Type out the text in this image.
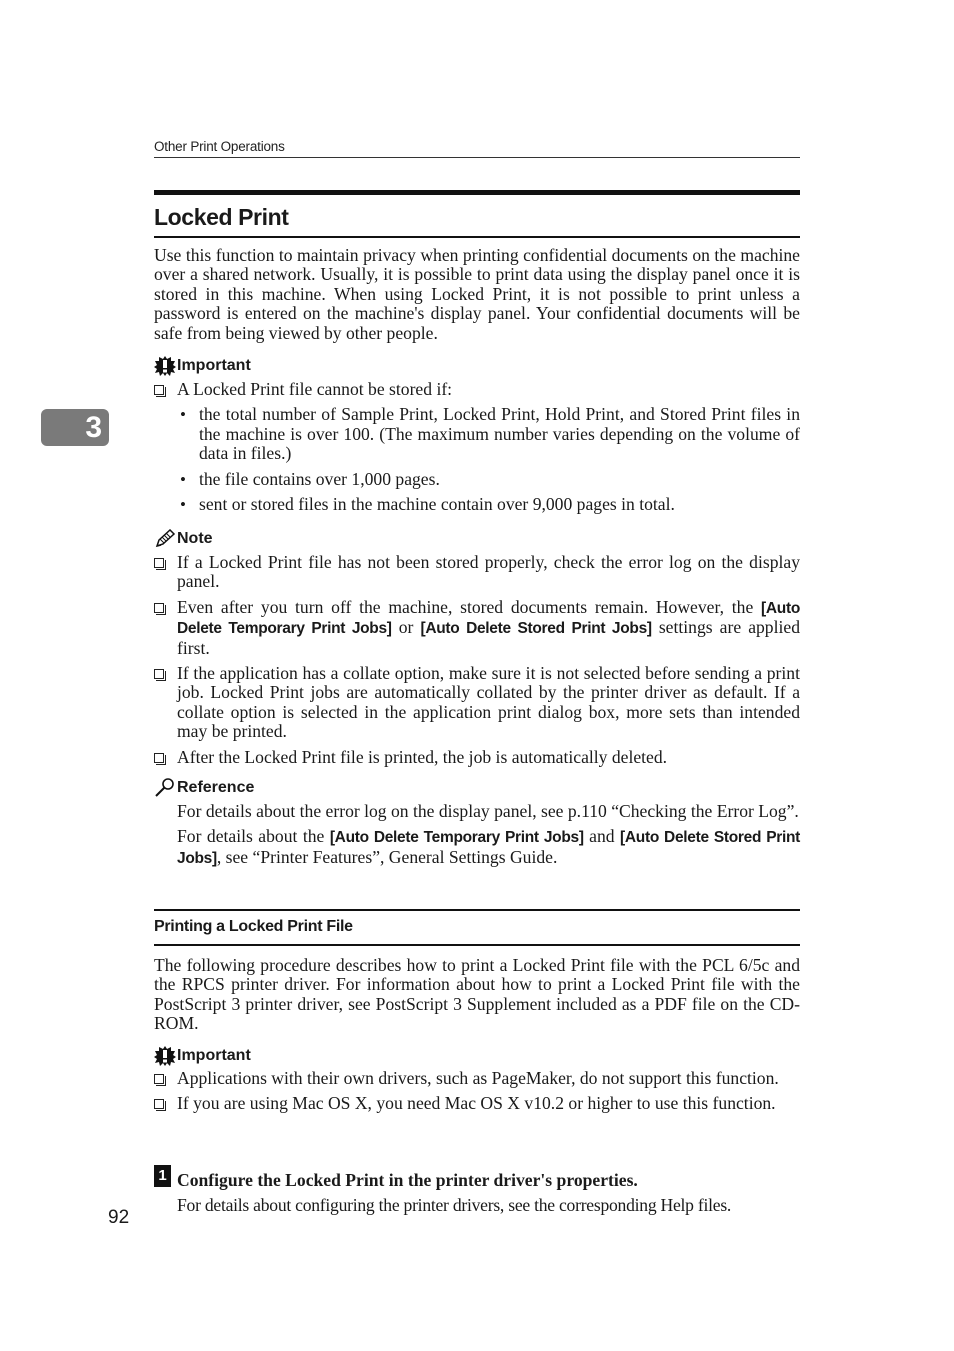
3
Other Print Operations
Locked Print
Use this function to maintain privacy when printing confidential documents on the machine over a shared network. Usually, it is possible to print data using the display panel once it is stored in this machine. When using Locked Print, it is not possible to print unless a password is entered on the machine's display panel. Your confidential documents will be safe from being viewed by other people.
Important
A Locked Print file cannot be stored if:
• the total number of Sample Print, Locked Print, Hold Print, and Stored Print files in the machine is over 100. (The maximum number varies depending on the volume of data in files.)
• the file contains over 1,000 pages.
• sent or stored files in the machine contain over 9,000 pages in total.
Note
If a Locked Print file has not been stored properly, check the error log on the display panel.
Even after you turn off the machine, stored documents remain. However, the [Auto Delete Temporary Print Jobs] or [Auto Delete Stored Print Jobs] settings are applied first.
If the application has a collate option, make sure it is not selected before sending a print job. Locked Print jobs are automatically collated by the printer driver as default. If a collate option is selected in the application print dialog box, more sets than intended may be printed.
After the Locked Print file is printed, the job is automatically deleted.
Reference
For details about the error log on the display panel, see p.110 “Checking the Error Log”.
For details about the [Auto Delete Temporary Print Jobs] and [Auto Delete Stored Print Jobs], see “Printer Features”, General Settings Guide.
Printing a Locked Print File
The following procedure describes how to print a Locked Print file with the PCL 6/5c and the RPCS printer driver. For information about how to print a Locked Print file with the PostScript 3 printer driver, see PostScript 3 Supplement included as a PDF file on the CD-ROM.
Important
Applications with their own drivers, such as PageMaker, do not support this function.
If you are using Mac OS X, you need Mac OS X v10.2 or higher to use this function.
1 Configure the Locked Print in the printer driver's properties.
For details about configuring the printer drivers, see the corresponding Help files.
92
